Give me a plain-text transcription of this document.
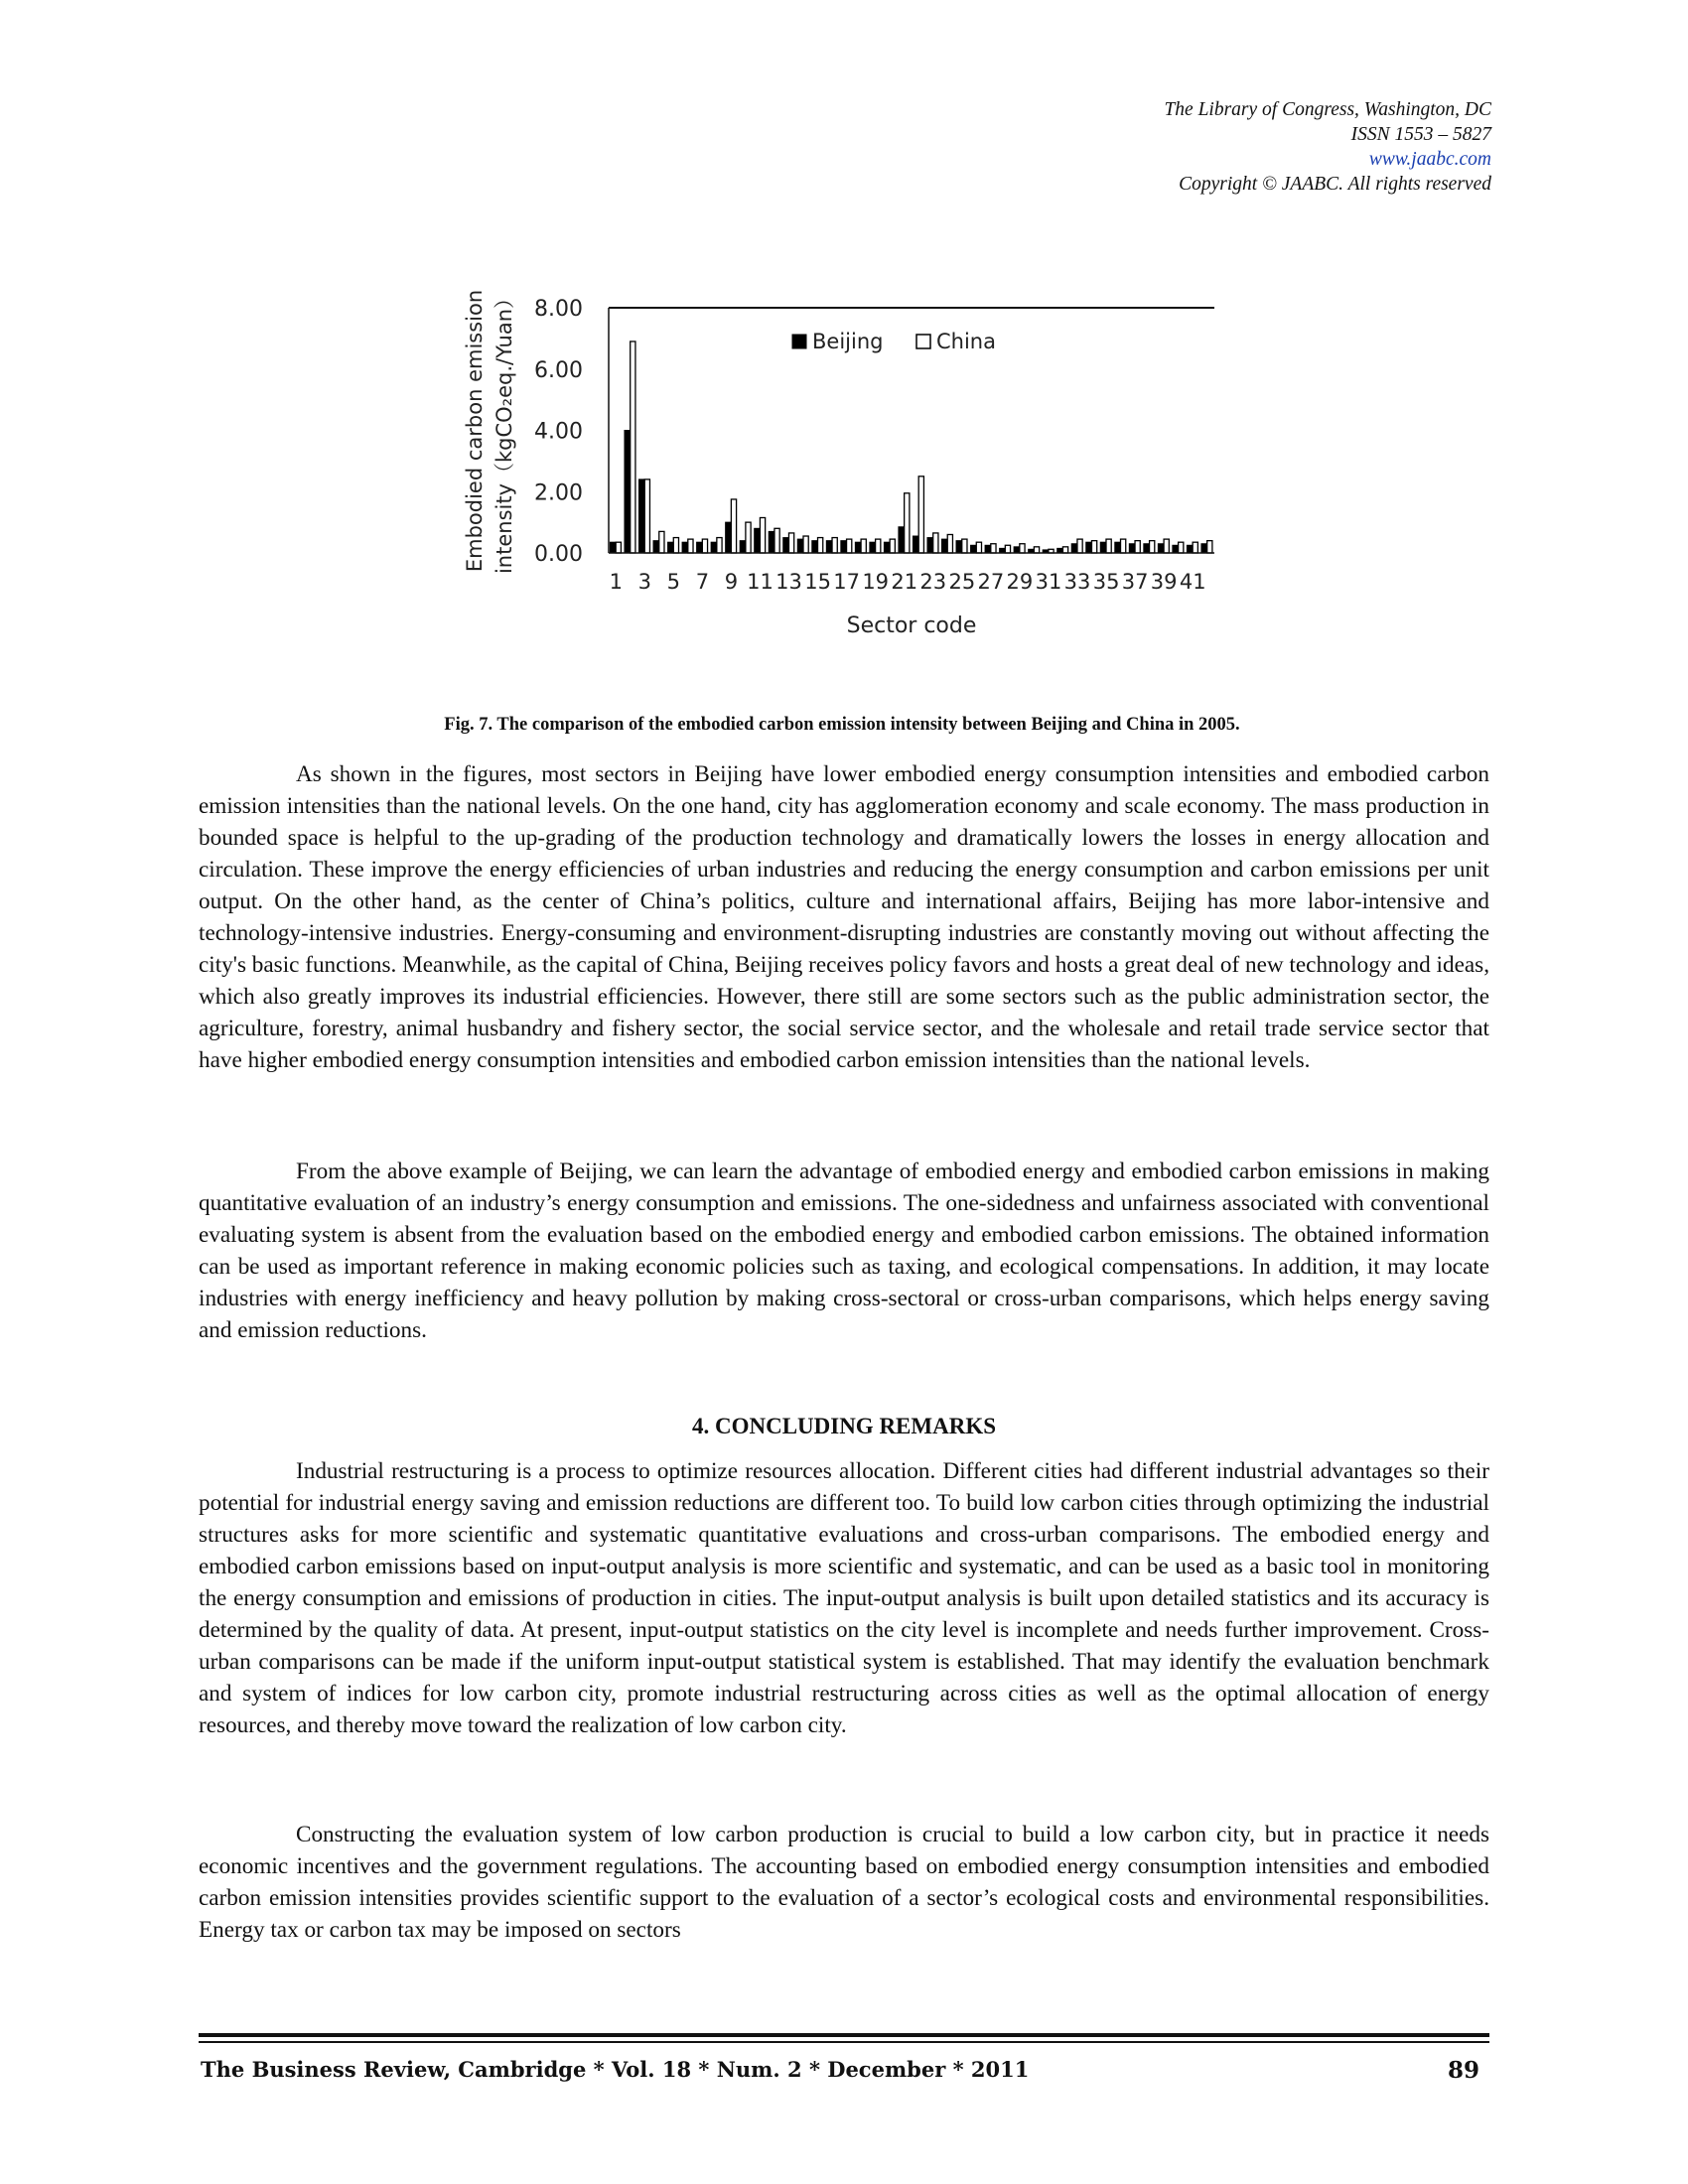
The Library of Congress, Washington, DC
ISSN 1553 – 5827
www.jaabc.com
Copyright © JAABC. All rights reserved
0.00
2.00
4.00
6.00
8.00
Embodied carbon emission intensity（kgCO₂eq./Yuan）
1 3 5 7 9 11 13 15 17 19 21 23 25 27 29 31 33 35 37 39 41
Sector code
Beijing	China
Fig. 7. The comparison of the embodied carbon emission intensity between Beijing and China in 2005.

As shown in the figures, most sectors in Beijing have lower embodied energy consumption intensities and embodied carbon emission intensities than the national levels. On the one hand, city has agglomeration economy and scale economy. The mass production in bounded space is helpful to the up-grading of the production technology and dramatically lowers the losses in energy allocation and circulation. These improve the energy efficiencies of urban industries and reducing the energy consumption and carbon emissions per unit output. On the other hand, as the center of China’s politics, culture and international affairs, Beijing has more labor-intensive and technology-intensive industries. Energy-consuming and environment-disrupting industries are constantly moving out without affecting the city's basic functions. Meanwhile, as the capital of China, Beijing receives policy favors and hosts a great deal of new technology and ideas, which also greatly improves its industrial efficiencies. However, there still are some sectors such as the public administration sector, the agriculture, forestry, animal husbandry and fishery sector, the social service sector, and the wholesale and retail trade service sector that have higher embodied energy consumption intensities and embodied carbon emission intensities than the national levels.

From the above example of Beijing, we can learn the advantage of embodied energy and embodied carbon emissions in making quantitative evaluation of an industry’s energy consumption and emissions. The one-sidedness and unfairness associated with conventional evaluating system is absent from the evaluation based on the embodied energy and embodied carbon emissions. The obtained information can be used as important reference in making economic policies such as taxing, and ecological compensations. In addition, it may locate industries with energy inefficiency and heavy pollution by making cross-sectoral or cross-urban comparisons, which helps energy saving and emission reductions.

4. CONCLUDING REMARKS

Industrial restructuring is a process to optimize resources allocation. Different cities had different industrial advantages so their potential for industrial energy saving and emission reductions are different too. To build low carbon cities through optimizing the industrial structures asks for more scientific and systematic quantitative evaluations and cross-urban comparisons. The embodied energy and embodied carbon emissions based on input-output analysis is more scientific and systematic, and can be used as a basic tool in monitoring the energy consumption and emissions of production in cities. The input-output analysis is built upon detailed statistics and its accuracy is determined by the quality of data. At present, input-output statistics on the city level is incomplete and needs further improvement. Cross-urban comparisons can be made if the uniform input-output statistical system is established. That may identify the evaluation benchmark and system of indices for low carbon city, promote industrial restructuring across cities as well as the optimal allocation of energy resources, and thereby move toward the realization of low carbon city.

Constructing the evaluation system of low carbon production is crucial to build a low carbon city, but in practice it needs economic incentives and the government regulations. The accounting based on embodied energy consumption intensities and embodied carbon emission intensities provides scientific support to the evaluation of a sector’s ecological costs and environmental responsibilities. Energy tax or carbon tax may be imposed on sectors

The Business Review, Cambridge * Vol. 18 * Num. 2 * December * 2011	89
